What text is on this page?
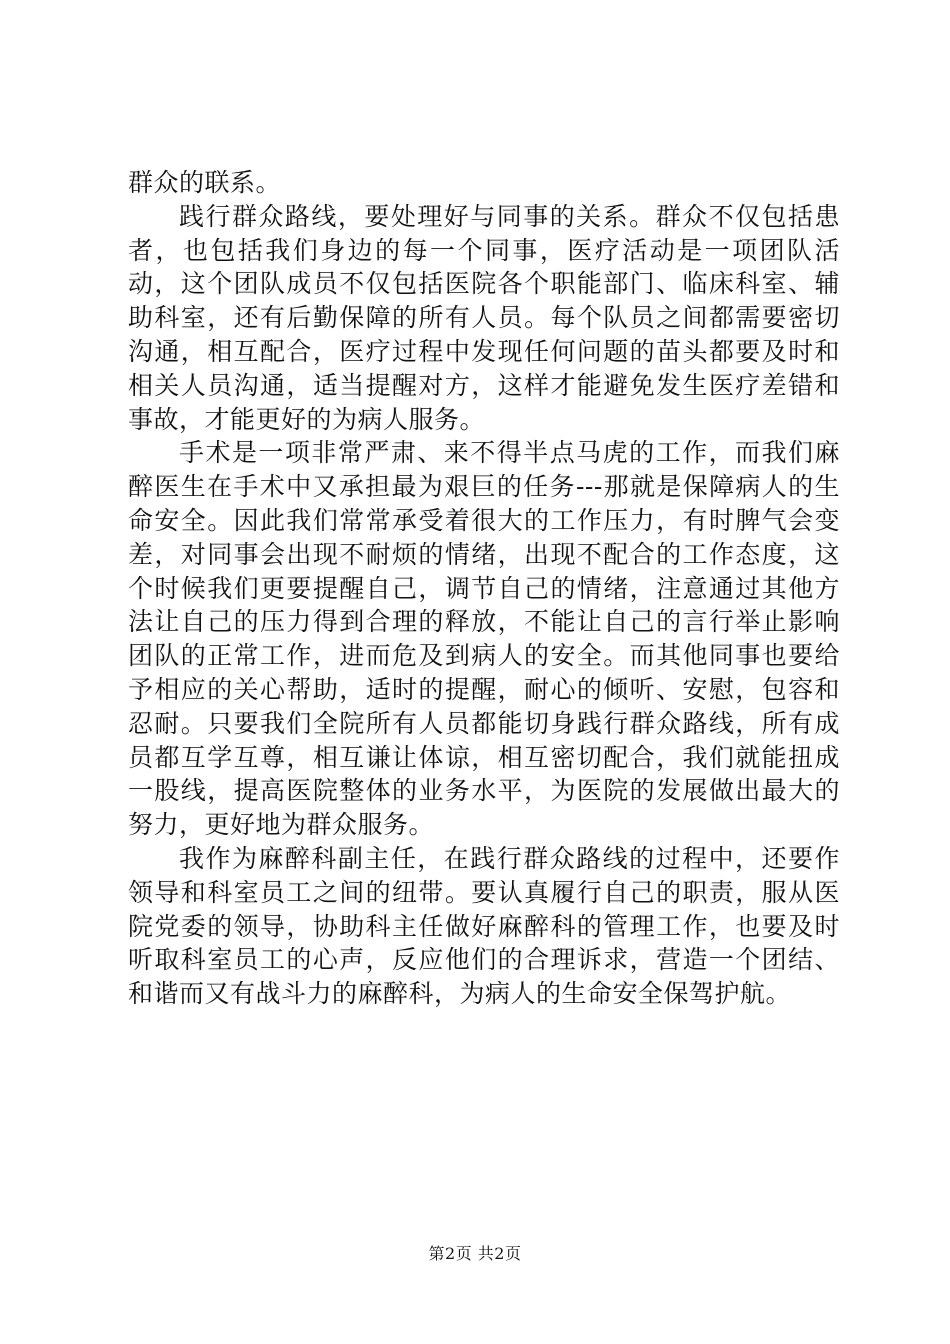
群众的联系。

践行群众路线，要处理好与同事的关系。群众不仅包括患者，也包括我们身边的每一个同事，医疗活动是一项团队活动，这个团队成员不仅包括医院各个职能部门、临床科室、辅助科室，还有后勤保障的所有人员。每个队员之间都需要密切沟通，相互配合，医疗过程中发现任何问题的苗头都要及时和相关人员沟通，适当提醒对方，这样才能避免发生医疗差错和事故，才能更好的为病人服务。

手术是一项非常严肃、来不得半点马虎的工作，而我们麻醉医生在手术中又承担最为艰巨的任务---那就是保障病人的生命安全。因此我们常常承受着很大的工作压力，有时脾气会变差，对同事会出现不耐烦的情绪，出现不配合的工作态度，这个时候我们更要提醒自己，调节自己的情绪，注意通过其他方法让自己的压力得到合理的释放，不能让自己的言行举止影响团队的正常工作，进而危及到病人的安全。而其他同事也要给予相应的关心帮助，适时的提醒，耐心的倾听、安慰，包容和忍耐。只要我们全院所有人员都能切身践行群众路线，所有成员都互学互尊，相互谦让体谅，相互密切配合，我们就能扭成一股线，提高医院整体的业务水平，为医院的发展做出最大的努力，更好地为群众服务。

我作为麻醉科副主任，在践行群众路线的过程中，还要作领导和科室员工之间的纽带。要认真履行自己的职责，服从医院党委的领导，协助科主任做好麻醉科的管理工作，也要及时听取科室员工的心声，反应他们的合理诉求，营造一个团结、和谐而又有战斗力的麻醉科，为病人的生命安全保驾护航。

第2页 共2页
